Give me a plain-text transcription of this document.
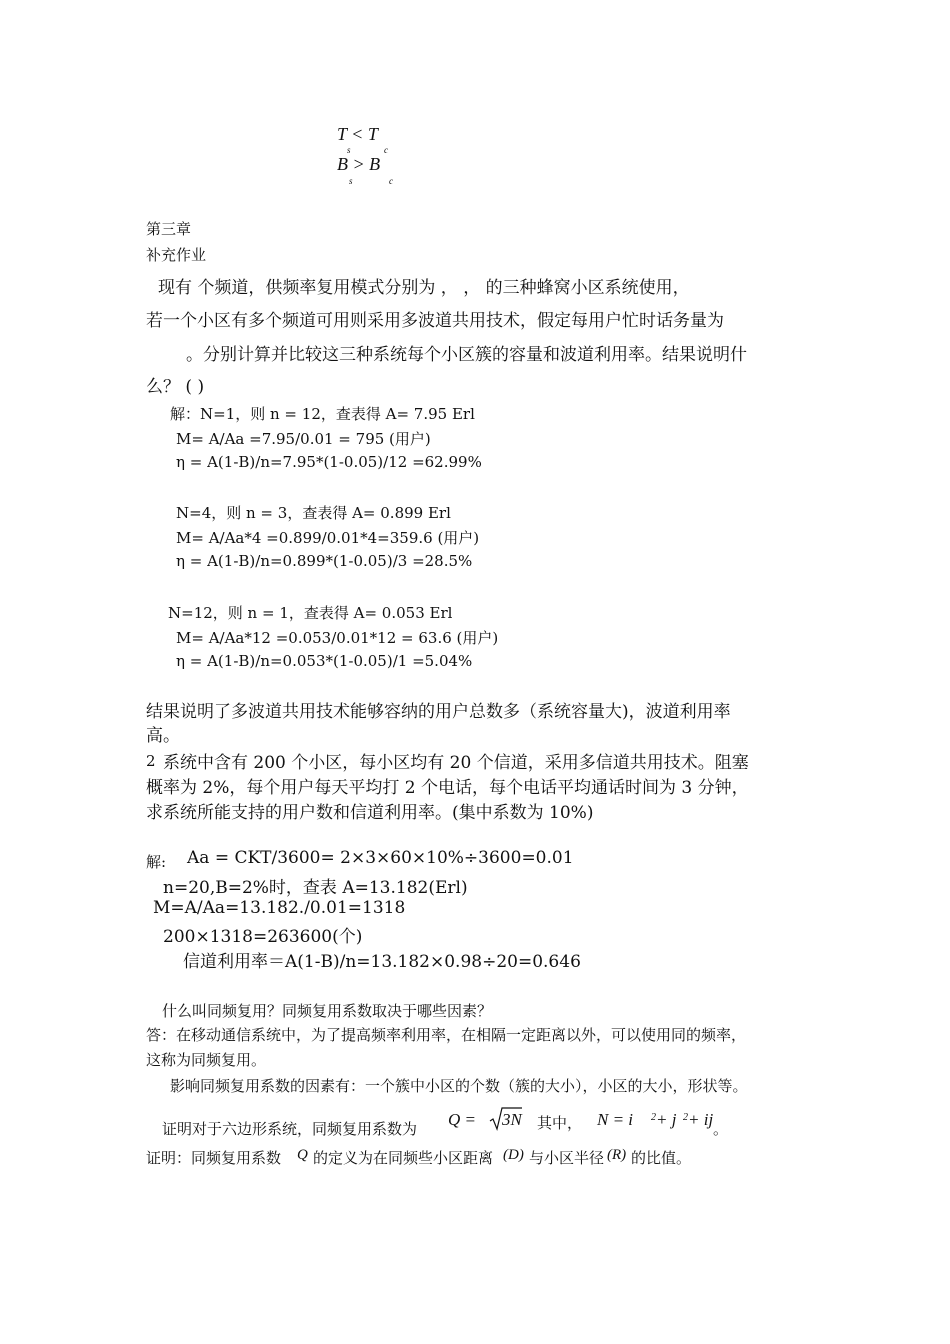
T < T
s	c
B > B
s	c
第三章
补充作业
现有 个频道，供频率复用模式分别为 ， ， 的三种蜂窝小区系统使用，
若一个小区有多个频道可用则采用多波道共用技术，假定每用户忙时话务量为
。分别计算并比较这三种系统每个小区簇的容量和波道利用率。结果说明什
么？ ( )
解：N=1，则 n = 12，查表得 A= 7.95 Erl
M= A/Aa =7.95/0.01 = 795 (用户)
η = A(1-B)/n=7.95*(1-0.05)/12 =62.99%
N=4，则 n = 3，查表得 A= 0.899 Erl
M= A/Aa*4 =0.899/0.01*4=359.6 (用户)
η = A(1-B)/n=0.899*(1-0.05)/3 =28.5%
N=12，则 n = 1，查表得 A= 0.053 Erl
M= A/Aa*12 =0.053/0.01*12 = 63.6 (用户)
η = A(1-B)/n=0.053*(1-0.05)/1 =5.04%
结果说明了多波道共用技术能够容纳的用户总数多（系统容量大)，波道利用率
高。
2 系统中含有 200 个小区，每小区均有 20 个信道，采用多信道共用技术。阻塞
概率为 2%，每个用户每天平均打 2 个电话，每个电话平均通话时间为 3 分钟，
求系统所能支持的用户数和信道利用率。(集中系数为 10%)
解: Aa = CKT/3600= 2×3×60×10%÷3600=0.01
n=20,B=2%时，查表 A=13.182(Erl)
M=A/Aa=13.182./0.01=1318
200×1318=263600(个)
信道利用率＝A(1-B)/n=13.182×0.98÷20=0.646
什么叫同频复用？同频复用系数取决于哪些因素？
答：在移动通信系统中，为了提高频率利用率，在相隔一定距离以外，可以使用同的频率，
这称为同频复用。
影响同频复用系数的因素有：一个簇中小区的个数（簇的大小），小区的大小，形状等。
证明对于六边形系统，同频复用系数为 Q = 3N 其中， N = i 2 + j 2 + ij 。
证明：同频复用系数 Q 的定义为在同频些小区距离 (D) 与小区半径 (R) 的比值。
